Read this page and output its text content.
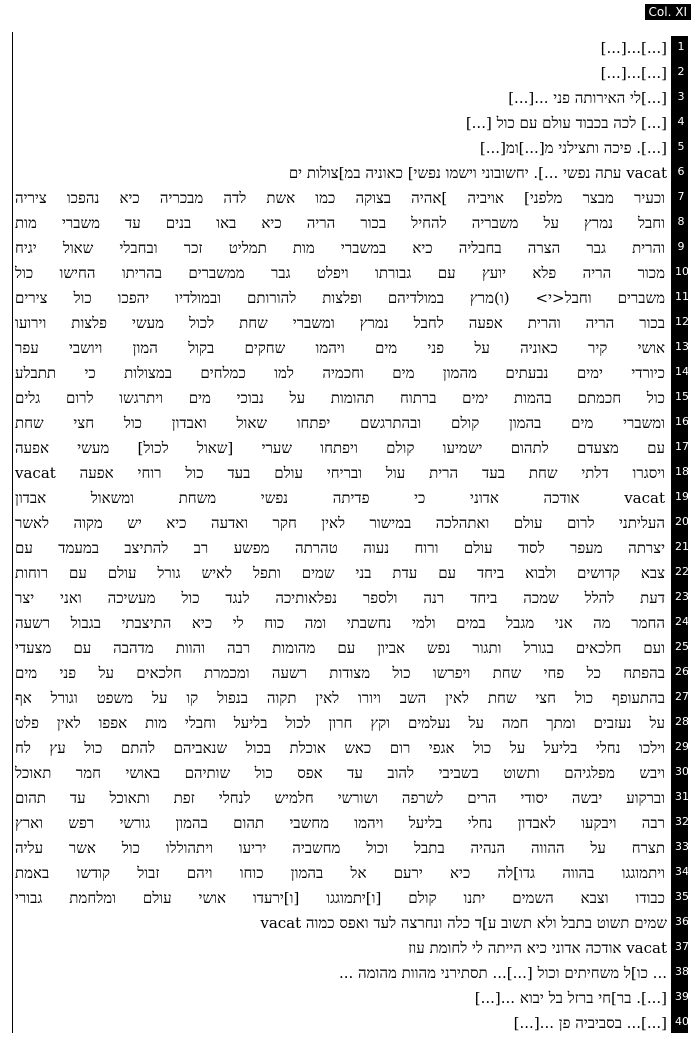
Col. XI
1
[...]...[...]
2
[...]...[...]
3
[...]לי האירותה פני ...[...]
4
[...] לכה בכבוד עולם עם כול [...]
5
[...]. פיכה ותצילני מ[...]ומ[...]
6
vacat עתה נפשי ...]. יחשובוני וישמו נפשי] כאוניה במ]צולות ים
7
וכעיר מבצר מלפני] אויביה ]אהיה בצוקה כמו אשת לדה מבכריה כיא נהפכו ציריה
8
וחבל נמרץ על משבריה להחיל בכור הריה כיא באו בנים עד משברי מות
9
והרית גבר הצרה בחבליה כיא במשברי מות תמליט זכר ובחבלי שאול יגיח
10
מכור הריה פלא יועץ עם גבורתו ויפלט גבר ממשברים בהריתו החישו כול
11
משברים וחבל<י> (ו)מרץ במולדיהם ופלצות להורותם ובמולדיו יהפכו כול צירים
12
בכור הריה והרית אפעה לחבל נמרץ ומשברי שחת לכול מעשי פלצות וירועו
13
אושי קיר כאוניה על פני מים ויהמו שחקים בקול המון ויושבי עפר
14
כיורדי ימים נבעתים מהמון מים וחכמיה למו כמלחים במצולות כי תתבלע
15
כול חכמתם בהמות ימים ברתוח תהומות על נבוכי מים ויתרגשו לרום גלים
16
ומשברי מים בהמון קולם ובהתרגשם יפתחו שאול ואבדון כול חצי שחת
17
עם מצעדם לתהום ישמיעו קולם ויפתחו שערי [שאול לכול] מעשי אפעה
18
ויסגרו דלתי שחת בעד הרית עול ובריחי עולם בעד כול רוחי אפעה vacat
19
vacat אודכה אדוני כי פדיתה נפשי משחת ומשאול אבדון
20
העליתני לרום עולם ואתהלכה במישור לאין חקר ואדעה כיא יש מקוה לאשר
21
יצרתה מעפר לסוד עולם ורוח נעוה טהרתה מפשע רב להתיצב במעמד עם
22
צבא קדושים ולבוא ביחד עם עדת בני שמים ותפל לאיש גורל עולם עם רוחות
23
דעת להלל שמכה ביחד רנה ולספר נפלאותיכה לנגד כול מעשיכה ואני יצר
24
החמר מה אני מגבל במים ולמי נחשבתי ומה כוח לי כיא התיצבתי בגבול רשעה
25
ועם חלכאים בגורל ותגור נפש אביון עם מהומות רבה והוות מדהבה עם מצעדי
26
בהפתח כל פחי שחת ויפרשו כול מצודות רשעה ומכמרת חלכאים על פני מים
27
בהתעופף כול חצי שחת לאין השב ויורו לאין תקוה בנפול קו על משפט וגורל אף
28
על נעזבים ומתך חמה על נעלמים וקץ חרון לכול בליעל וחבלי מות אפפו לאין פלט
29
וילכו נחלי בליעל על כול אגפי רום כאש אוכלת בכול שנאביהם להתם כול עץ לח
30
ויבש מפלגיהם ותשוט בשביבי להוב עד אפס כול שותיהם באושי חמר תאוכל
31
וברקוע יבשה יסודי הרים לשרפה ושורשי חלמיש לנחלי זפת ותאוכל עד תהום
32
רבה ויבקעו לאבדון נחלי בליעל ויהמו מחשבי תהום בהמון גורשי רפש וארץ
33
תצרח על ההווה הנהיה בתבל וכול מחשביה יריעו ויתהוללו כול אשר עליה
34
ויתמוגגו בהווה גדו]לה כיא ירעם אל בהמון כוחו ויהם זבול קודשו באמת
35
כבודו וצבא השמים יתנו קולם [ו]יתמוגגו [ו]ירעדו אושי עולם ומלחמת גבורי
36
שמים תשוט בתבל ולא תשוב ע]ד כלה ונחרצה לעד ואפס כמוה vacat
37
vacat אודכה אדוני כיא הייתה לי לחומת עוז
38
... כו]ל משחיתים וכול [...]... תסתירני מהוות מהומה ...
39
[...]. בר]חי ברזל בל יבוא ...[...]
40
[...]... בסביביה פן ...[...]
